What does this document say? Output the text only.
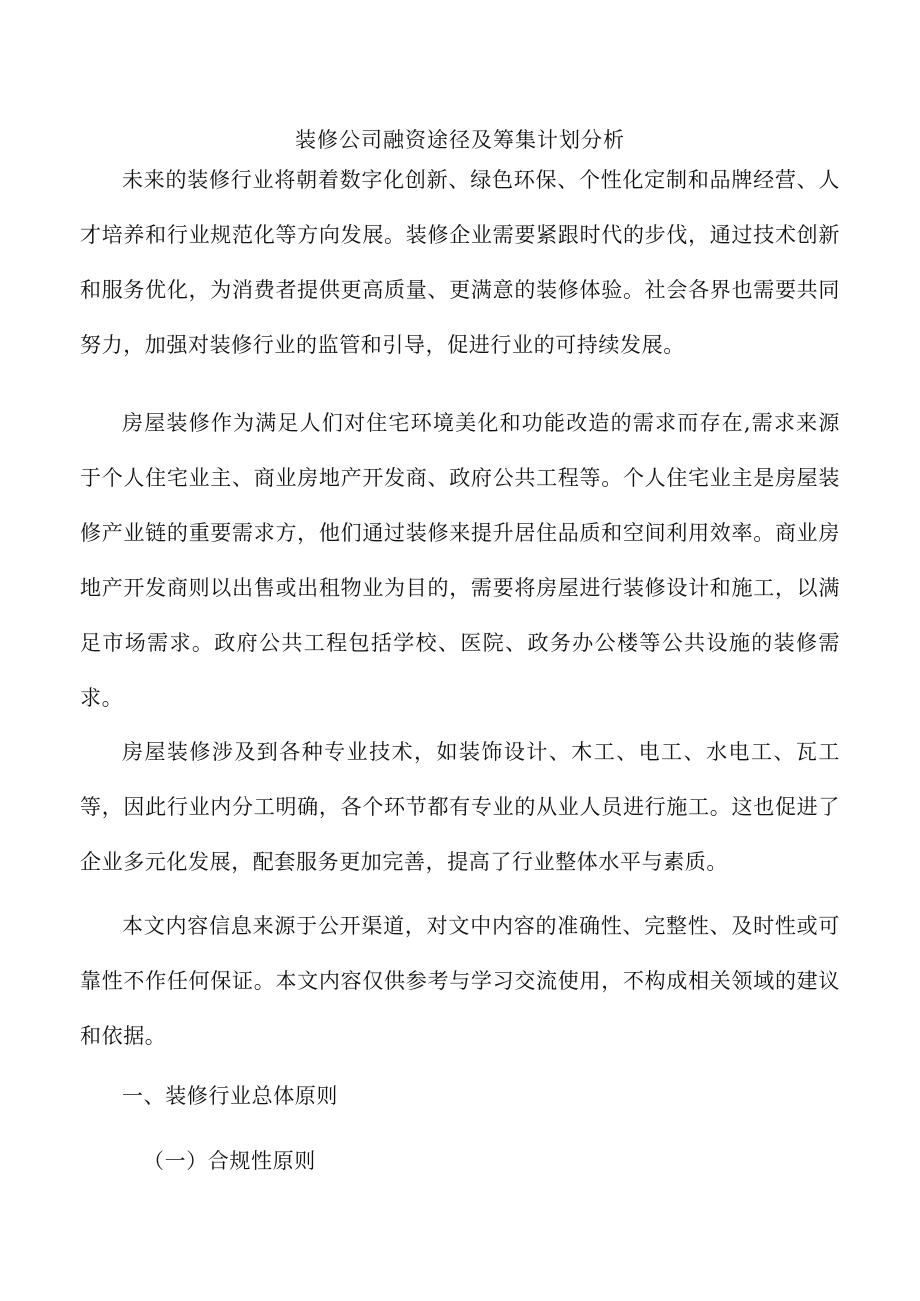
装修公司融资途径及筹集计划分析

未来的装修行业将朝着数字化创新、绿色环保、个性化定制和品牌经营、人才培养和行业规范化等方向发展。装修企业需要紧跟时代的步伐，通过技术创新和服务优化，为消费者提供更高质量、更满意的装修体验。社会各界也需要共同努力，加强对装修行业的监管和引导，促进行业的可持续发展。

房屋装修作为满足人们对住宅环境美化和功能改造的需求而存在,需求来源于个人住宅业主、商业房地产开发商、政府公共工程等。个人住宅业主是房屋装修产业链的重要需求方，他们通过装修来提升居住品质和空间利用效率。商业房地产开发商则以出售或出租物业为目的，需要将房屋进行装修设计和施工，以满足市场需求。政府公共工程包括学校、医院、政务办公楼等公共设施的装修需求。

房屋装修涉及到各种专业技术，如装饰设计、木工、电工、水电工、瓦工等，因此行业内分工明确，各个环节都有专业的从业人员进行施工。这也促进了企业多元化发展，配套服务更加完善，提高了行业整体水平与素质。

本文内容信息来源于公开渠道，对文中内容的准确性、完整性、及时性或可靠性不作任何保证。本文内容仅供参考与学习交流使用，不构成相关领域的建议和依据。

一、装修行业总体原则
（一）合规性原则
